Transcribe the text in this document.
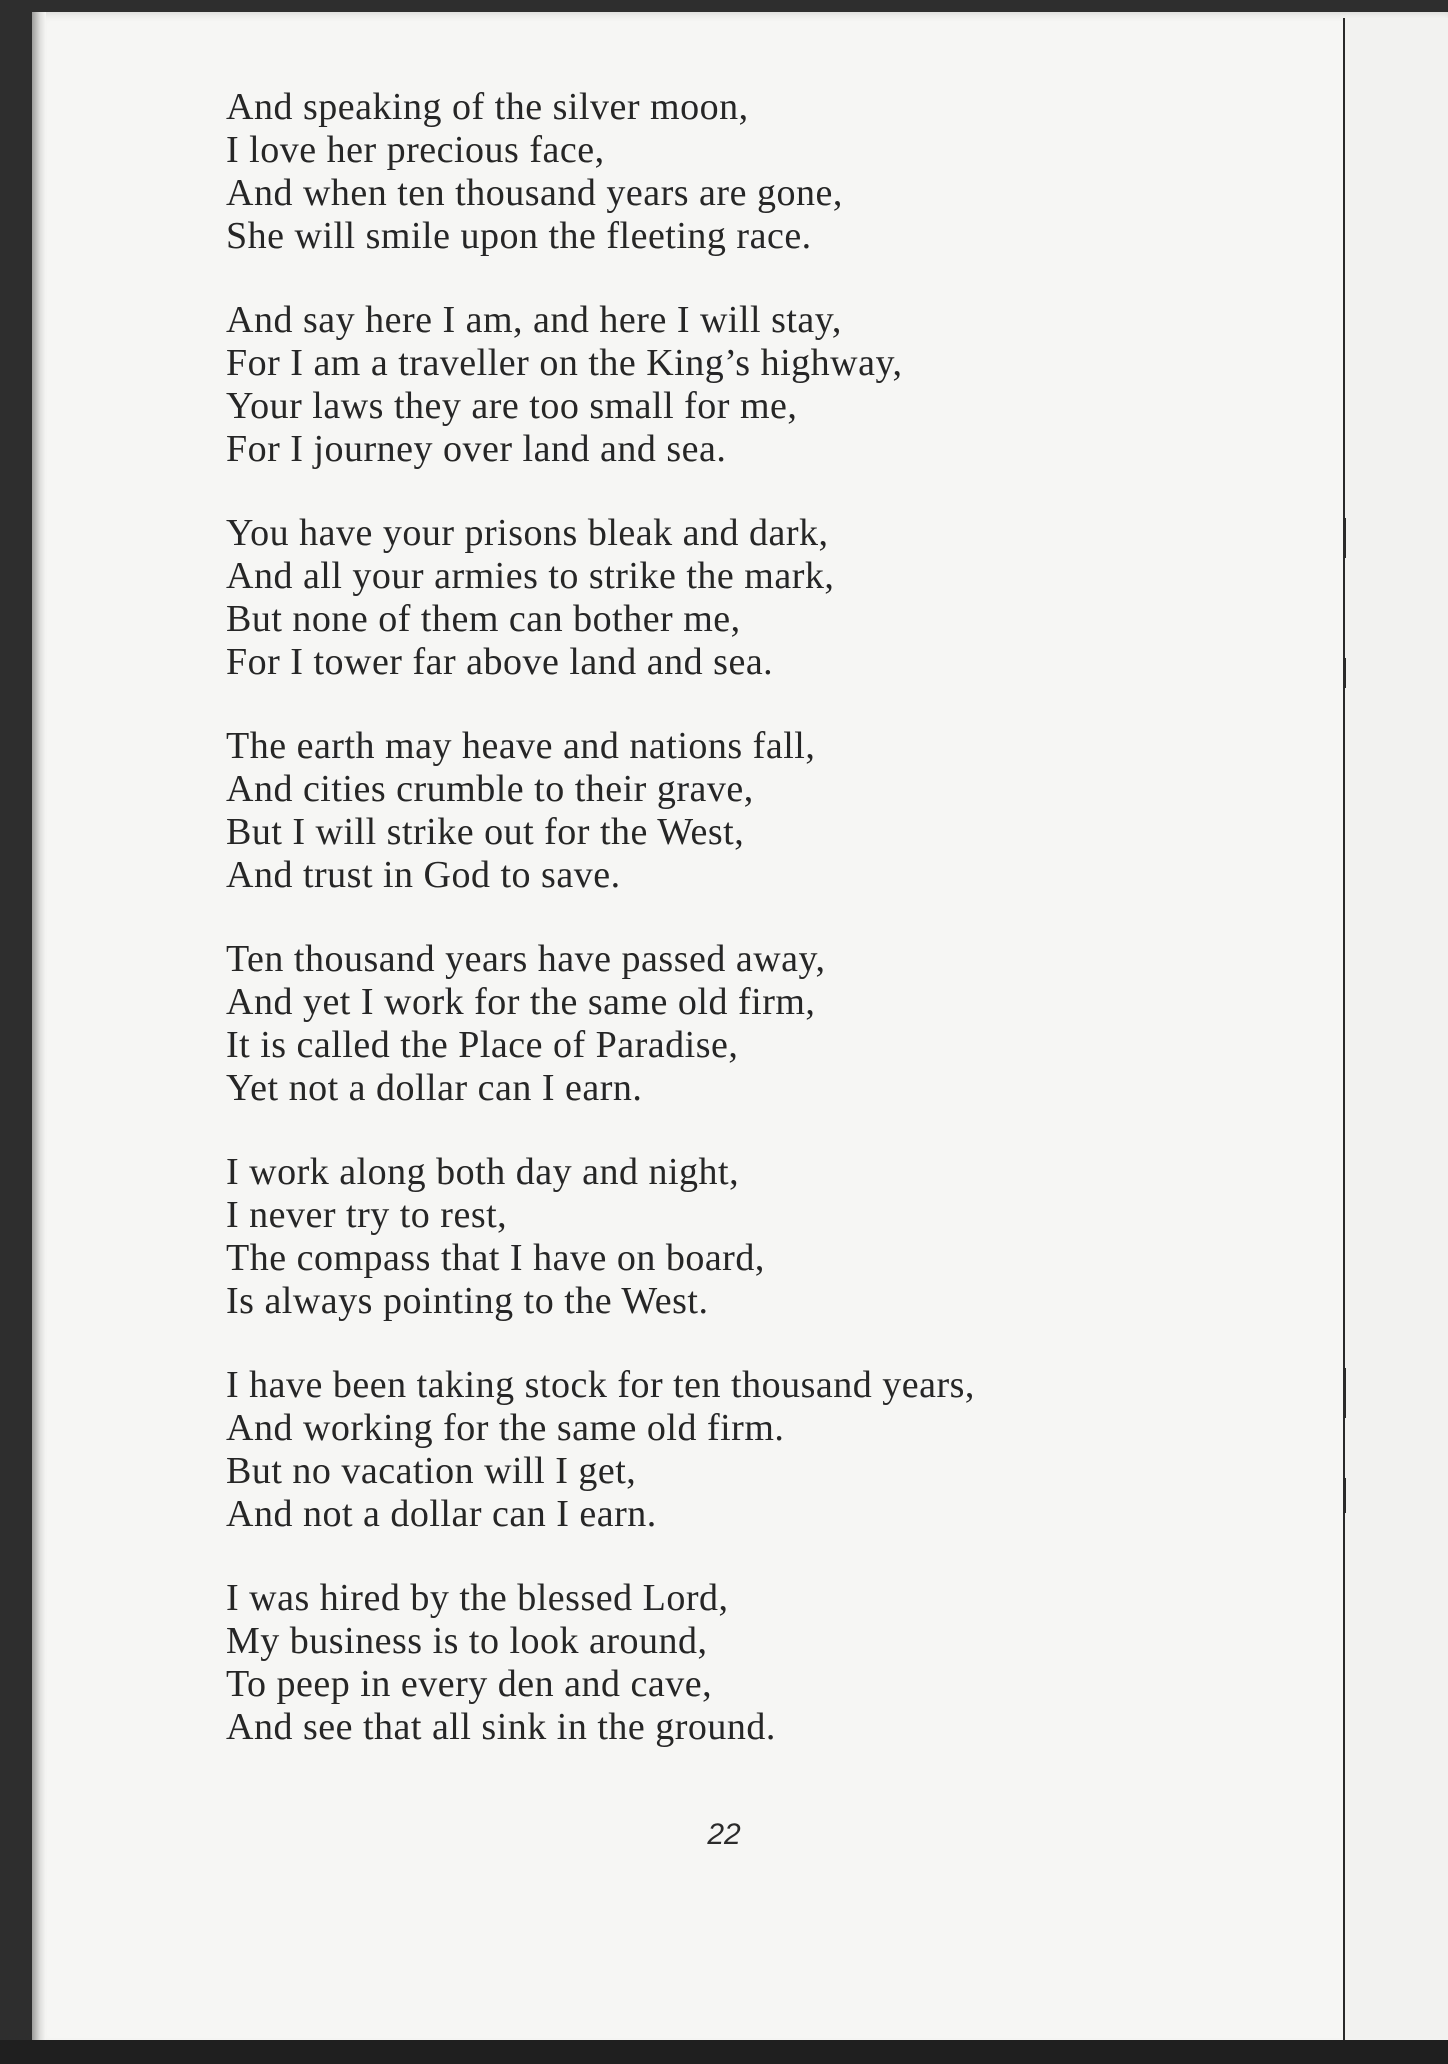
And speaking of the silver moon,
I love her precious face,
And when ten thousand years are gone,
She will smile upon the fleeting race.
And say here I am, and here I will stay,
For I am a traveller on the King’s highway,
Your laws they are too small for me,
For I journey over land and sea.
You have your prisons bleak and dark,
And all your armies to strike the mark,
But none of them can bother me,
For I tower far above land and sea.
The earth may heave and nations fall,
And cities crumble to their grave,
But I will strike out for the West,
And trust in God to save.
Ten thousand years have passed away,
And yet I work for the same old firm,
It is called the Place of Paradise,
Yet not a dollar can I earn.
I work along both day and night,
I never try to rest,
The compass that I have on board,
Is always pointing to the West.
I have been taking stock for ten thousand years,
And working for the same old firm.
But no vacation will I get,
And not a dollar can I earn.
I was hired by the blessed Lord,
My business is to look around,
To peep in every den and cave,
And see that all sink in the ground.
22
